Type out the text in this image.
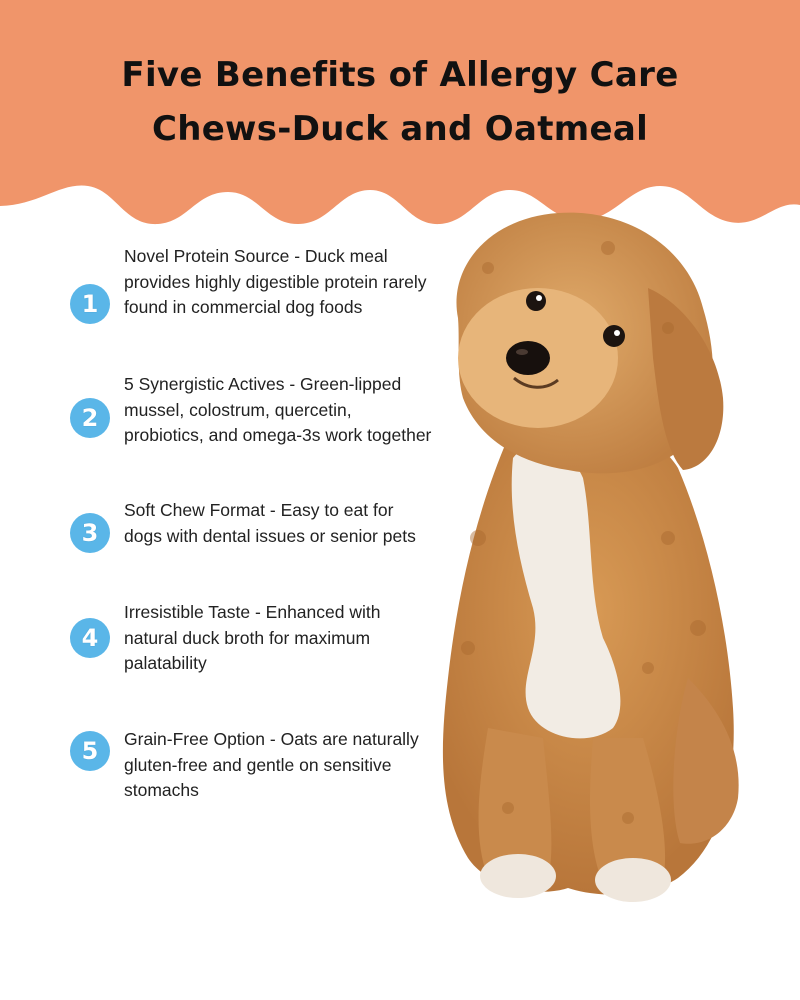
Five Benefits of Allergy Care
Chews-Duck and Oatmeal
1

Novel Protein Source - Duck meal provides highly digestible protein rarely found in commercial dog foods

2

5 Synergistic Actives - Green-lipped mussel, colostrum, quercetin, probiotics, and omega-3s work together

3

Soft Chew Format - Easy to eat for dogs with dental issues or senior pets

4

Irresistible Taste - Enhanced with natural duck broth for maximum palatability

5 Grain-Free Option - Oats are naturally gluten-free and gentle on sensitive stomachs
